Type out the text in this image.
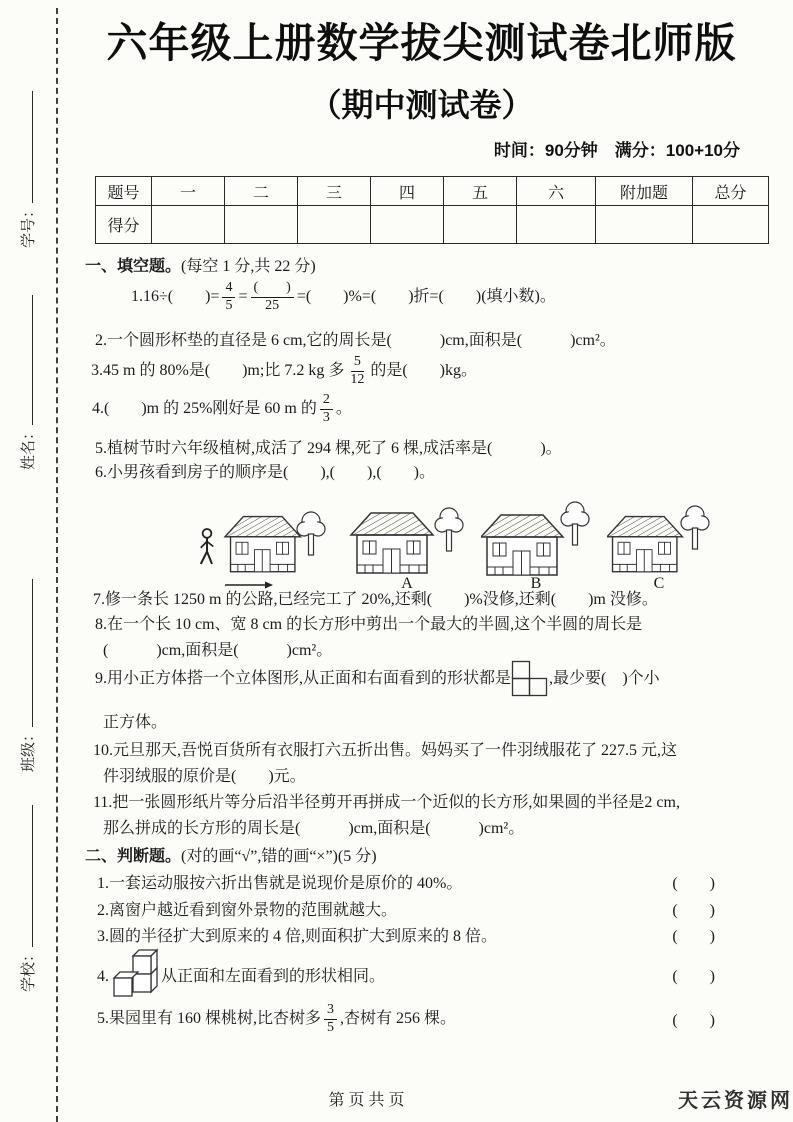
学号：
姓名：
班级：
学校：
六年级上册数学拔尖测试卷北师版
（期中测试卷）
时间：90分钟　满分：100+10分
题号	一	二	三	四	五	六	附加题	总分
得分								
一、填空题。(每空 1 分,共 22 分)
1.16÷(　　)= $\frac{4}{5} = \frac{( )}{25}$ =(　　)%=(　　)折=(　　)(填小数)。
2.一个圆形杯垫的直径是 6 cm,它的周长是(　　　)cm,面积是(　　　)cm²。
3.45 m 的 80%是(　　)m;比 7.2 kg 多 $\frac{5}{12}$ 的是(　　)kg。
4.(　　)m 的 25%刚好是 60 m 的 $\frac{2}{3}$ 。
5.植树节时六年级植树,成活了 294 棵,死了 6 棵,成活率是(　　　)。
6.小男孩看到房子的顺序是(　　),(　　),(　　)。
A	B	C
7.修一条长 1250 m 的公路,已经完工了 20%,还剩(　　)%没修,还剩(　　)m 没修。
8.在一个长 10 cm、宽 8 cm 的长方形中剪出一个最大的半圆,这个半圆的周长是
(　　　)cm,面积是(　　　)cm²。
9.用小正方体搭一个立体图形,从正面和右面看到的形状都是 ,最少要(　)个小
正方体。
10.元旦那天,吾悦百货所有衣服打六五折出售。妈妈买了一件羽绒服花了 227.5 元,这
件羽绒服的原价是(　　)元。
11.把一张圆形纸片等分后沿半径剪开再拼成一个近似的长方形,如果圆的半径是2 cm,
那么拼成的长方形的周长是(　　　)cm,面积是(　　　)cm²。
二、判断题。(对的画“√”,错的画“×”)(5 分)
1.一套运动服按六折出售就是说现价是原价的 40%。	(　　)
2.离窗户越近看到窗外景物的范围就越大。	(　　)
3.圆的半径扩大到原来的 4 倍,则面积扩大到原来的 8 倍。	(　　)
4.	从正面和左面看到的形状相同。	(　　)
5.果园里有 160 棵桃树,比杏树多 $\frac{3}{5}$ ,杏树有 256 棵。	(　　)
第 页 共 页	天云资源网
